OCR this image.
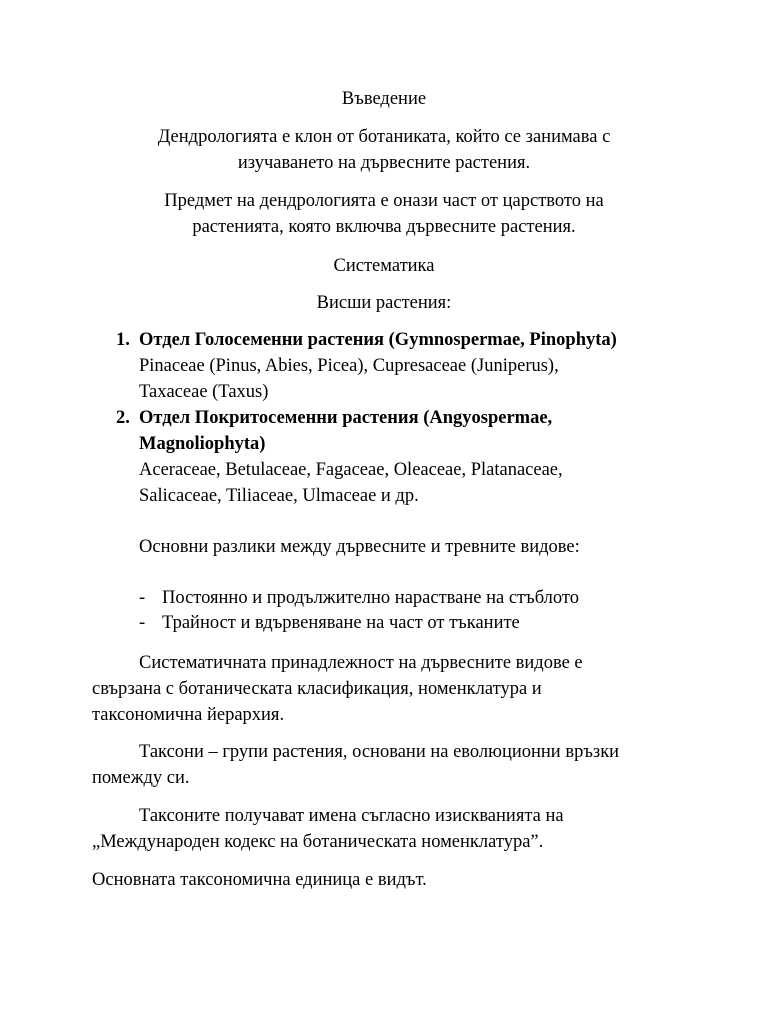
Въведение
Дендрологията е клон от ботаниката, който се занимава с
изучаването на дървесните растения.
Предмет на дендрологията е онази част от царството на
растенията, която включва дървесните растения.
Систематика
Висши растения:
1. Отдел Голосеменни растения (Gymnospermae, Pinophyta)
Pinaceae (Pinus, Abies, Picea), Cupresaceae (Juniperus),
Taxaceae (Taxus)
2. Отдел Покритосеменни растения (Angyospermae,
Magnoliophyta)
Aceraceae, Betulaceae, Fagaceae, Oleaceae, Platanaceae,
Salicaceae, Tiliaceae, Ulmaceae и др.
Основни разлики между дървесните и тревните видове:
- Постоянно и продължително нарастване на стъблото
- Трайност и вдървеняване на част от тъканите
Систематичната принадлежност на дървесните видове е
свързана с ботаническата класификация, номенклатура и
таксономична йерархия.
Таксони – групи растения, основани на еволюционни връзки
помежду си.
Таксоните получават имена съгласно изискванията на
„Международен кодекс на ботаническата номенклатура”.
Основната таксономична единица е видът.
